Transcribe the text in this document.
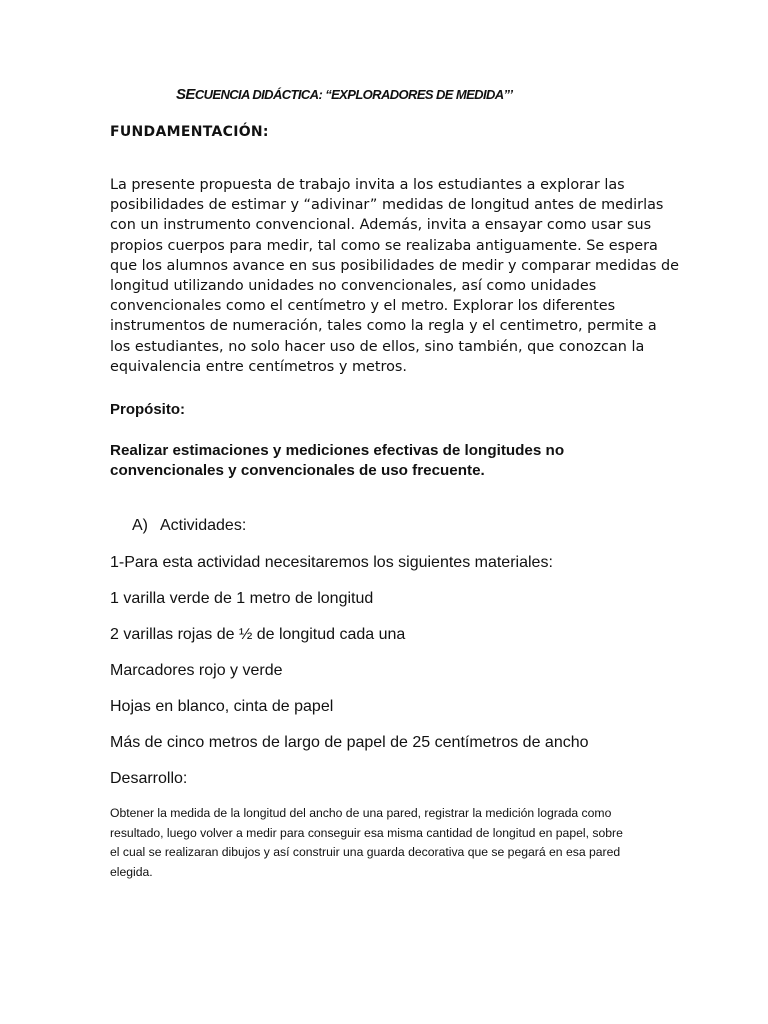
SECUENCIA DIDÁCTICA: “EXPLORADORES DE MEDIDA”’
FUNDAMENTACIÓN:
La presente propuesta de trabajo invita a los estudiantes a explorar las
posibilidades de estimar y “adivinar” medidas de longitud antes de medirlas
con un instrumento convencional. Además, invita a ensayar como usar sus
propios cuerpos para medir, tal como se realizaba antiguamente. Se espera
que los alumnos avance en sus posibilidades de medir y comparar medidas de
longitud utilizando unidades no convencionales, así como unidades
convencionales como el centímetro y el metro. Explorar los diferentes
instrumentos de numeración, tales como la regla y el centimetro, permite a
los estudiantes, no solo hacer uso de ellos, sino también, que conozcan la
equivalencia entre centímetros y metros.
Propósito:
Realizar estimaciones y mediciones efectivas de longitudes no
convencionales y convencionales de uso frecuente.
A) Actividades:
1-Para esta actividad necesitaremos los siguientes materiales:
1 varilla verde de 1 metro de longitud
2 varillas rojas de ½ de longitud cada una
Marcadores rojo y verde
Hojas en blanco, cinta de papel
Más de cinco metros de largo de papel de 25 centímetros de ancho
Desarrollo:
Obtener la medida de la longitud del ancho de una pared, registrar la medición lograda como
resultado, luego volver a medir para conseguir esa misma cantidad de longitud en papel, sobre
el cual se realizaran dibujos y así construir una guarda decorativa que se pegará en esa pared
elegida.
